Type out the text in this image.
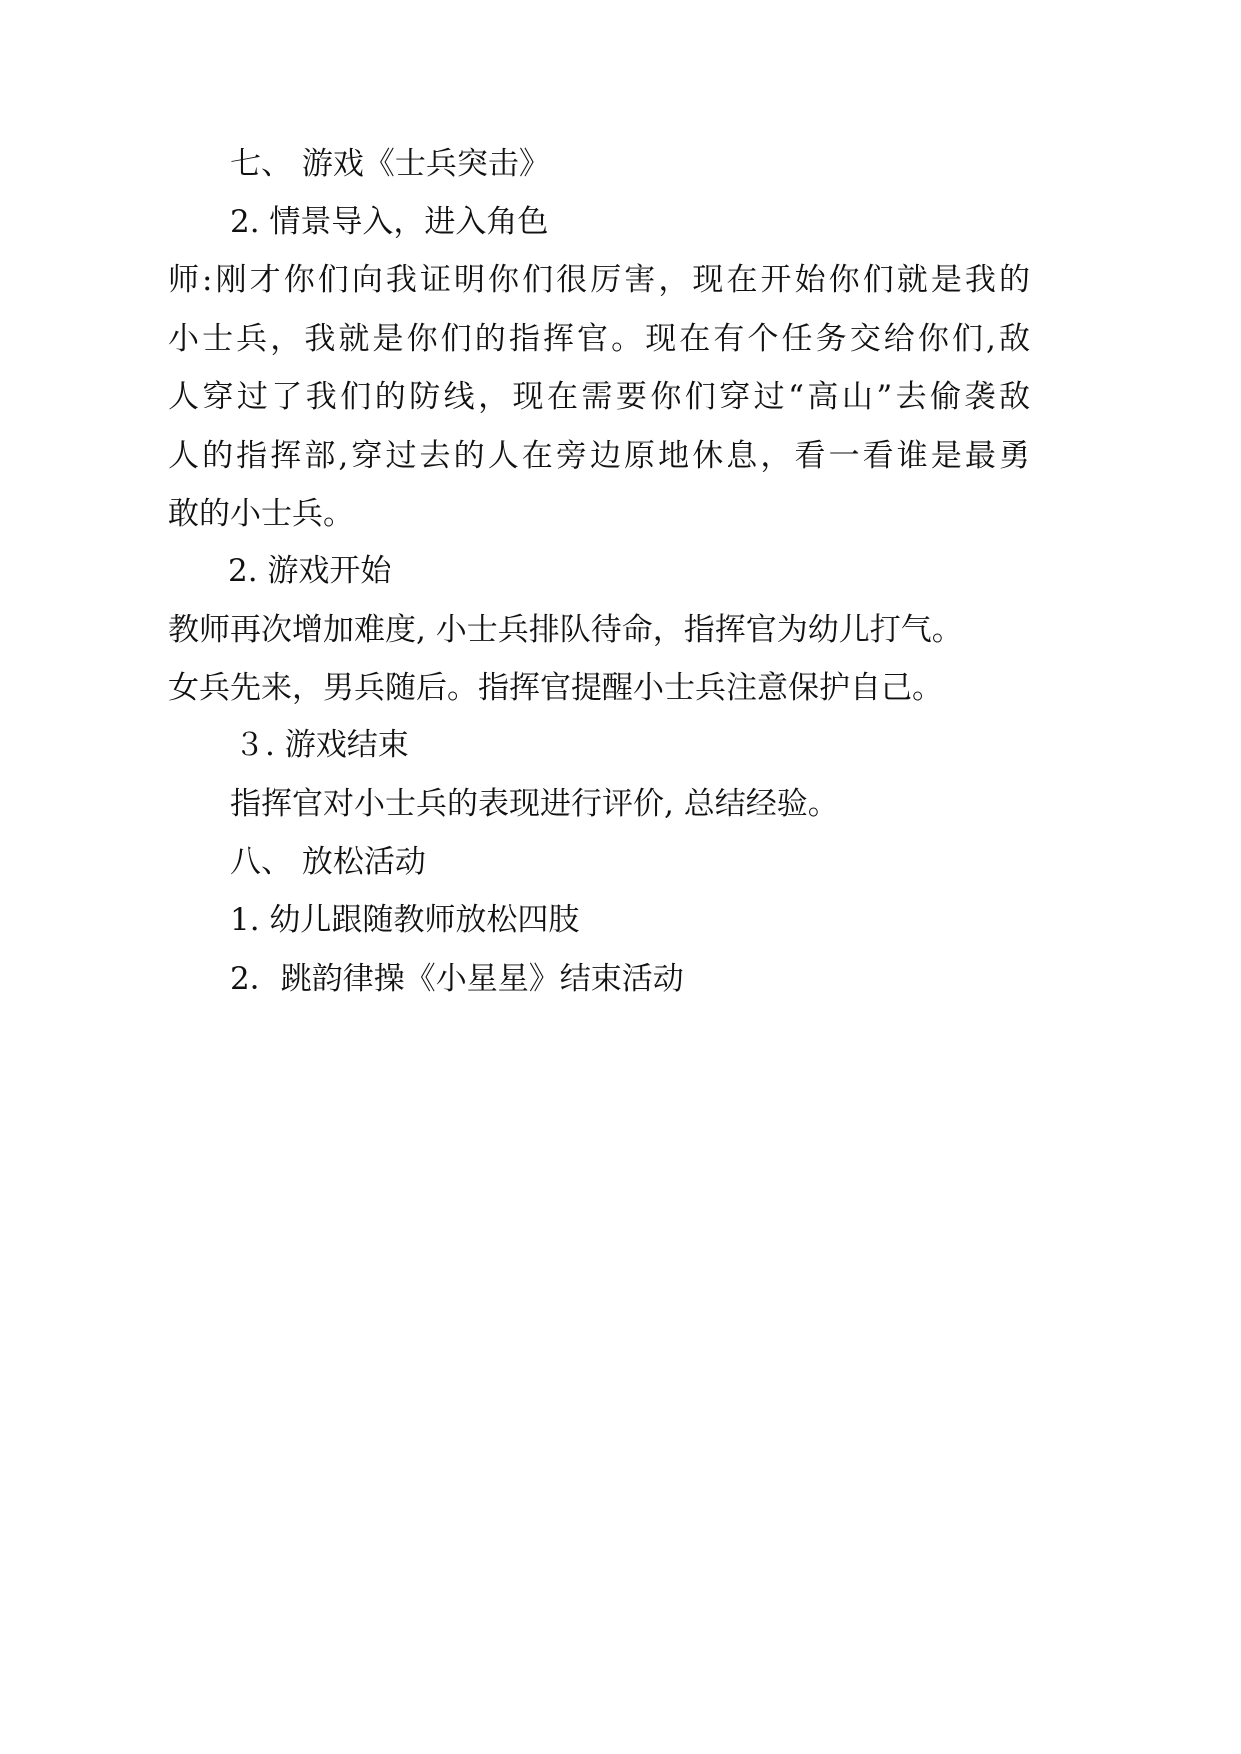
七、 游戏《士兵突击》

2. 情景导入，进入角色

师:刚才你们向我证明你们很厉害，现在开始你们就是我的

小士兵，我就是你们的指挥官。现在有个任务交给你们,敌

人穿过了我们的防线，现在需要你们穿过“高山”去偷袭敌

人的指挥部,穿过去的人在旁边原地休息，看一看谁是最勇

敢的小士兵。

2. 游戏开始

教师再次增加难度, 小士兵排队待命，指挥官为幼儿打气。

女兵先来，男兵随后。指挥官提醒小士兵注意保护自己。

３. 游戏结束

指挥官对小士兵的表现进行评价, 总结经验。

八、 放松活动

1. 幼儿跟随教师放松四肢

2．跳韵律操《小星星》结束活动
